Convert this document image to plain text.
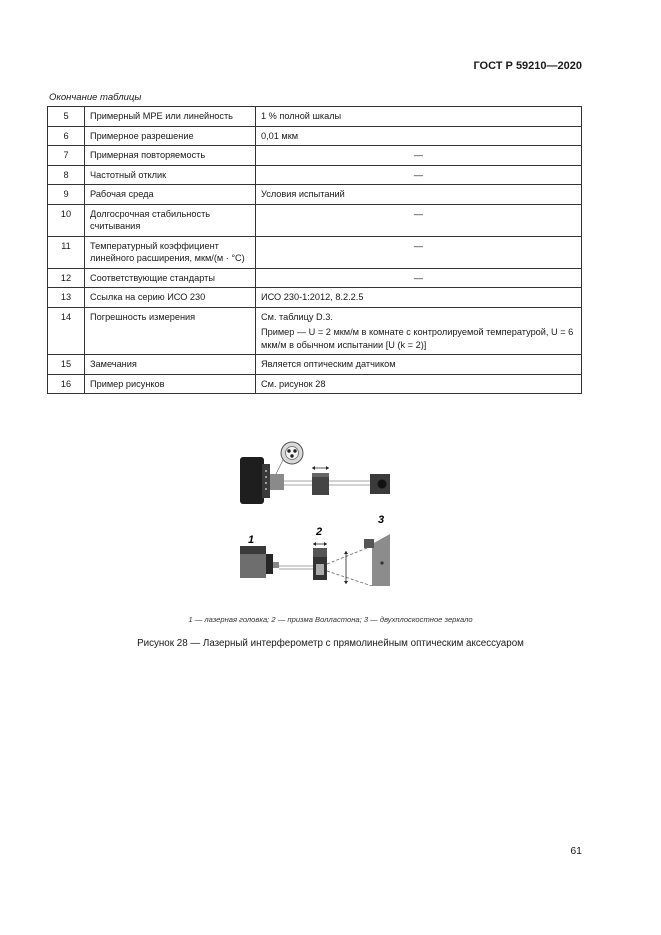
ГОСТ Р 59210—2020
Окончание таблицы
5	Примерный MPE или линейность	1 % полной шкалы
6	Примерное разрешение	0,01 мкм
7	Примерная повторяемость	—
8	Частотный отклик	—
9	Рабочая среда	Условия испытаний
10	Долгосрочная стабильность считывания	—
11	Температурный коэффициент линейного расширения, мкм/(м · °С)	—
12	Соответствующие стандарты	—
13	Ссылка на серию ИСО 230	ИСО 230-1:2012, 8.2.2.5
14	Погрешность измерения	См. таблицу D.3.
Пример — U = 2 мкм/м в комнате с контролируемой температурой, U = 6 мкм/м в обычном испытании [U (k = 2)]

15	Замечания	Является оптическим датчиком
16	Пример рисунков	См. рисунок 28
1
2
3
1 — лазерная головка; 2 — призма Волластона; 3 — двухплоскостное зеркало
Рисунок 28 — Лазерный интерферометр с прямолинейным оптическим аксессуаром
61
